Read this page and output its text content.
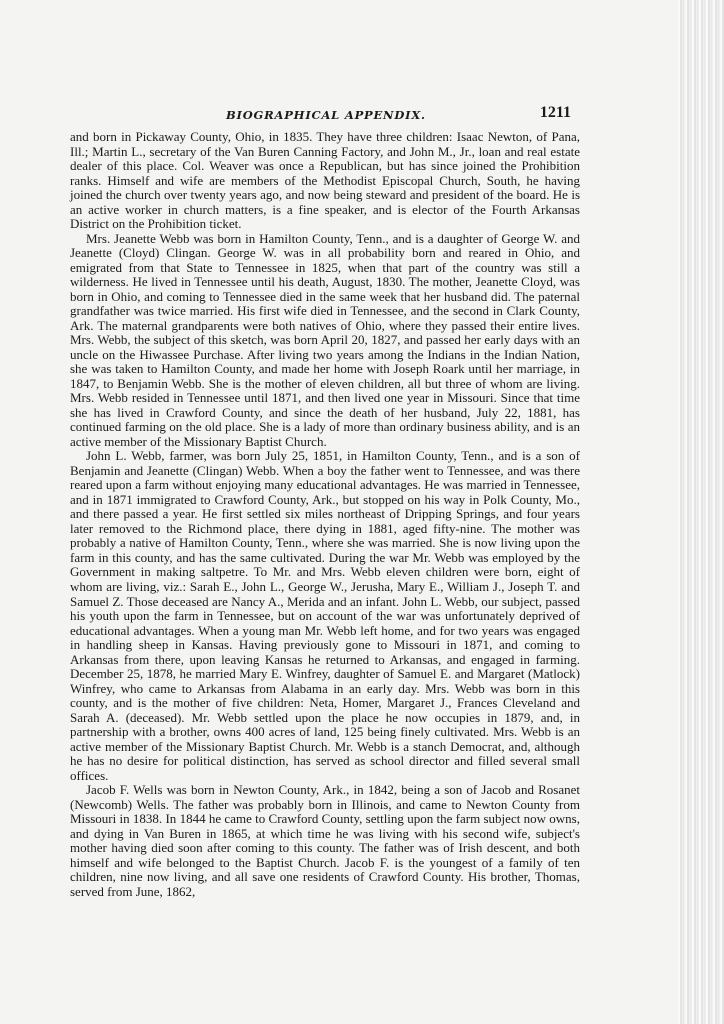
BIOGRAPHICAL APPENDIX.	1211

and born in Pickaway County, Ohio, in 1835. They have three children: Isaac Newton, of Pana, Ill.; Martin L., secretary of the Van Buren Canning Factory, and John M., Jr., loan and real estate dealer of this place. Col. Weaver was once a Republican, but has since joined the Prohibition ranks. Himself and wife are members of the Methodist Episcopal Church, South, he having joined the church over twenty years ago, and now being steward and president of the board. He is an active worker in church matters, is a fine speaker, and is elector of the Fourth Arkansas District on the Prohibition ticket.

Mrs. Jeanette Webb was born in Hamilton County, Tenn., and is a daughter of George W. and Jeanette (Cloyd) Clingan. George W. was in all probability born and reared in Ohio, and emigrated from that State to Tennessee in 1825, when that part of the country was still a wilderness. He lived in Tennessee until his death, August, 1830. The mother, Jeanette Cloyd, was born in Ohio, and coming to Tennessee died in the same week that her husband did. The paternal grandfather was twice married. His first wife died in Tennessee, and the second in Clark County, Ark. The maternal grandparents were both natives of Ohio, where they passed their entire lives. Mrs. Webb, the subject of this sketch, was born April 20, 1827, and passed her early days with an uncle on the Hiwassee Purchase. After living two years among the Indians in the Indian Nation, she was taken to Hamilton County, and made her home with Joseph Roark until her marriage, in 1847, to Benjamin Webb. She is the mother of eleven children, all but three of whom are living. Mrs. Webb resided in Tennessee until 1871, and then lived one year in Missouri. Since that time she has lived in Crawford County, and since the death of her husband, July 22, 1881, has continued farming on the old place. She is a lady of more than ordinary business ability, and is an active member of the Missionary Baptist Church.

John L. Webb, farmer, was born July 25, 1851, in Hamilton County, Tenn., and is a son of Benjamin and Jeanette (Clingan) Webb. When a boy the father went to Tennessee, and was there reared upon a farm without enjoying many educational advantages. He was married in Tennessee, and in 1871 immigrated to Crawford County, Ark., but stopped on his way in Polk County, Mo., and there passed a year. He first settled six miles northeast of Dripping Springs, and four years later removed to the Richmond place, there dying in 1881, aged fifty-nine. The mother was probably a native of Hamilton County, Tenn., where she was married. She is now living upon the farm in this county, and has the same cultivated. During the war Mr. Webb was employed by the Government in making saltpetre. To Mr. and Mrs. Webb eleven children were born, eight of whom are living, viz.: Sarah E., John L., George W., Jerusha, Mary E., William J., Joseph T. and Samuel Z. Those deceased are Nancy A., Merida and an infant. John L. Webb, our subject, passed his youth upon the farm in Tennessee, but on account of the war was unfortunately deprived of educational advantages. When a young man Mr. Webb left home, and for two years was engaged in handling sheep in Kansas. Having previously gone to Missouri in 1871, and coming to Arkansas from there, upon leaving Kansas he returned to Arkansas, and engaged in farming. December 25, 1878, he married Mary E. Winfrey, daughter of Samuel E. and Margaret (Matlock) Winfrey, who came to Arkansas from Alabama in an early day. Mrs. Webb was born in this county, and is the mother of five children: Neta, Homer, Margaret J., Frances Cleveland and Sarah A. (deceased). Mr. Webb settled upon the place he now occupies in 1879, and, in partnership with a brother, owns 400 acres of land, 125 being finely cultivated. Mrs. Webb is an active member of the Missionary Baptist Church. Mr. Webb is a stanch Democrat, and, although he has no desire for political distinction, has served as school director and filled several small offices.

Jacob F. Wells was born in Newton County, Ark., in 1842, being a son of Jacob and Rosanet (Newcomb) Wells. The father was probably born in Illinois, and came to Newton County from Missouri in 1838. In 1844 he came to Crawford County, settling upon the farm subject now owns, and dying in Van Buren in 1865, at which time he was living with his second wife, subject's mother having died soon after coming to this county. The father was of Irish descent, and both himself and wife belonged to the Baptist Church. Jacob F. is the youngest of a family of ten children, nine now living, and all save one residents of Crawford County. His brother, Thomas, served from June, 1862,
